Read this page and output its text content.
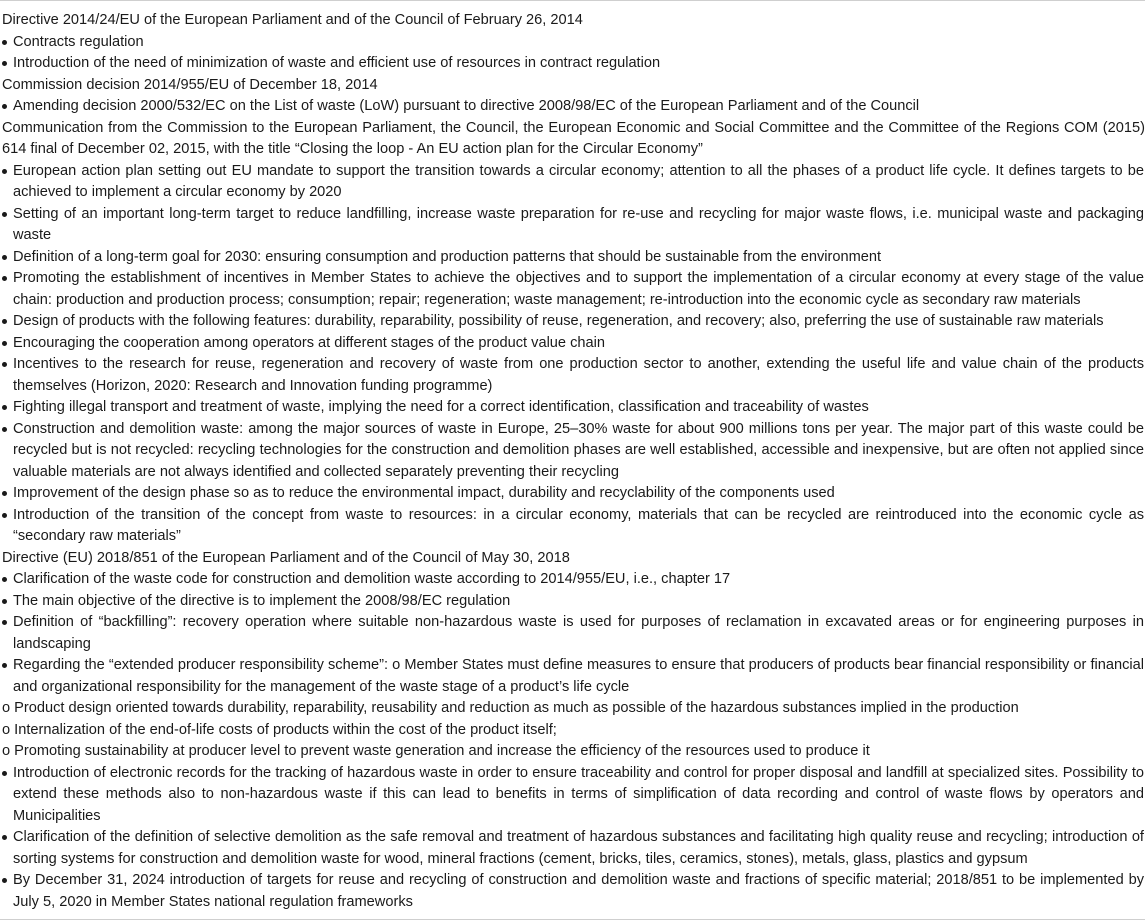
Directive 2014/24/EU of the European Parliament and of the Council of February 26, 2014
Contracts regulation
Introduction of the need of minimization of waste and efficient use of resources in contract regulation
Commission decision 2014/955/EU of December 18, 2014
Amending decision 2000/532/EC on the List of waste (LoW) pursuant to directive 2008/98/EC of the European Parliament and of the Council
Communication from the Commission to the European Parliament, the Council, the European Economic and Social Committee and the Committee of the Regions COM (2015) 614 final of December 02, 2015, with the title “Closing the loop - An EU action plan for the Circular Economy”
European action plan setting out EU mandate to support the transition towards a circular economy; attention to all the phases of a product life cycle. It defines targets to be achieved to implement a circular economy by 2020
Setting of an important long-term target to reduce landfilling, increase waste preparation for re-use and recycling for major waste flows, i.e. municipal waste and packaging waste
Definition of a long-term goal for 2030: ensuring consumption and production patterns that should be sustainable from the environment
Promoting the establishment of incentives in Member States to achieve the objectives and to support the implementation of a circular economy at every stage of the value chain: production and production process; consumption; repair; regeneration; waste management; re-introduction into the economic cycle as secondary raw materials
Design of products with the following features: durability, reparability, possibility of reuse, regeneration, and recovery; also, preferring the use of sustainable raw materials
Encouraging the cooperation among operators at different stages of the product value chain
Incentives to the research for reuse, regeneration and recovery of waste from one production sector to another, extending the useful life and value chain of the products themselves (Horizon, 2020: Research and Innovation funding programme)
Fighting illegal transport and treatment of waste, implying the need for a correct identification, classification and traceability of wastes
Construction and demolition waste: among the major sources of waste in Europe, 25–30% waste for about 900 millions tons per year. The major part of this waste could be recycled but is not recycled: recycling technologies for the construction and demolition phases are well established, accessible and inexpensive, but are often not applied since valuable materials are not always identified and collected separately preventing their recycling
Improvement of the design phase so as to reduce the environmental impact, durability and recyclability of the components used
Introduction of the transition of the concept from waste to resources: in a circular economy, materials that can be recycled are reintroduced into the economic cycle as “secondary raw materials”
Directive (EU) 2018/851 of the European Parliament and of the Council of May 30, 2018
Clarification of the waste code for construction and demolition waste according to 2014/955/EU, i.e., chapter 17
The main objective of the directive is to implement the 2008/98/EC regulation
Definition of “backfilling”: recovery operation where suitable non-hazardous waste is used for purposes of reclamation in excavated areas or for engineering purposes in landscaping
Regarding the “extended producer responsibility scheme”: o Member States must define measures to ensure that producers of products bear financial responsibility or financial and organizational responsibility for the management of the waste stage of a product’s life cycle
o Product design oriented towards durability, reparability, reusability and reduction as much as possible of the hazardous substances implied in the production
o Internalization of the end-of-life costs of products within the cost of the product itself;
o Promoting sustainability at producer level to prevent waste generation and increase the efficiency of the resources used to produce it
Introduction of electronic records for the tracking of hazardous waste in order to ensure traceability and control for proper disposal and landfill at specialized sites. Possibility to extend these methods also to non-hazardous waste if this can lead to benefits in terms of simplification of data recording and control of waste flows by operators and Municipalities
Clarification of the definition of selective demolition as the safe removal and treatment of hazardous substances and facilitating high quality reuse and recycling; introduction of sorting systems for construction and demolition waste for wood, mineral fractions (cement, bricks, tiles, ceramics, stones), metals, glass, plastics and gypsum
By December 31, 2024 introduction of targets for reuse and recycling of construction and demolition waste and fractions of specific material; 2018/851 to be implemented by July 5, 2020 in Member States national regulation frameworks
